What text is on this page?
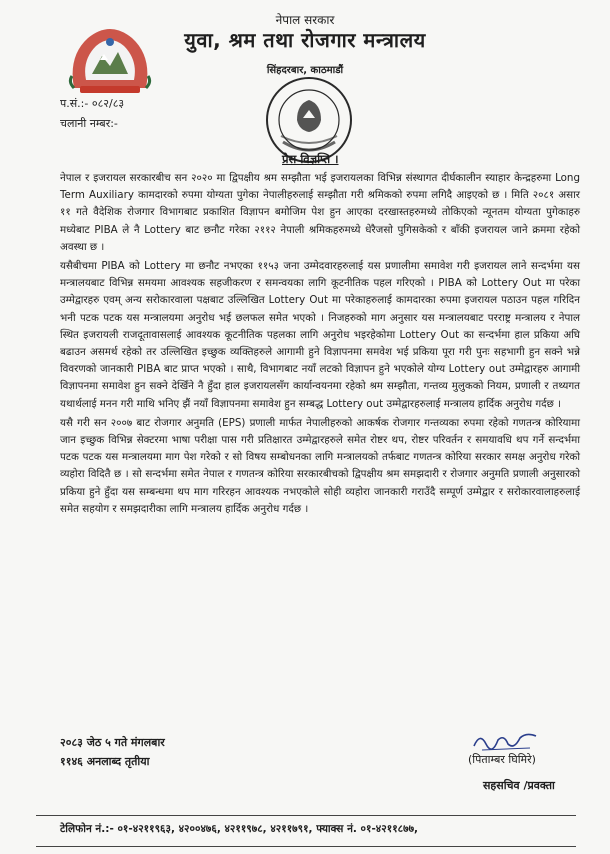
नेपाल सरकार
युवा, श्रम तथा रोजगार मन्त्रालय
सिंहदरबार, काठमाडौं
प.सं.:- ०८२/८३
चलानी नम्बर:-
प्रेस विज्ञप्ति ।

नेपाल र इजरायल सरकारबीच सन २०२० मा द्विपक्षीय श्रम सम्झौता भई इजरायलका विभिन्न संस्थागत दीर्घकालीन स्याहार केन्द्रहरुमा Long Term Auxiliary कामदारको रुपमा योग्यता पुगेका नेपालीहरुलाई सम्झौता गरी श्रमिकको रुपमा लगिदै आइएको छ । मिति २०८१ असार ११ गते वैदेशिक रोजगार विभागबाट प्रकाशित विज्ञापन बमोजिम पेश हुन आएका दरखास्तहरुमध्ये तोकिएको न्यूनतम योग्यता पुगेकाहरु मध्येबाट PIBA ले नै Lottery बाट छनौट गरेका २११२ नेपाली श्रमिकहरुमध्ये धेरैजसो पुगिसकेको र बाँकी इजरायल जाने क्रममा रहेको अवस्था छ ।

यसैबीचमा PIBA को Lottery मा छनौट नभएका ११५३ जना उम्मेदवारहरुलाई यस प्रणालीमा समावेश गरी इजरायल लाने सन्दर्भमा यस मन्त्रालयबाट विभिन्न समयमा आवश्यक सहजीकरण र समन्वयका लागि कूटनीतिक पहल गरिएको । PIBA को Lottery Out मा परेका उम्मेद्वारहरु एवम् अन्य सरोकारवाला पक्षबाट उल्लिखित Lottery Out मा परेकाहरुलाई कामदारका रुपमा इजरायल पठाउन पहल गरिदिन भनी पटक पटक यस मन्त्रालयमा अनुरोध भई छलफल समेत भएको । निजहरुको माग अनुसार यस मन्त्रालयबाट परराष्ट्र मन्त्रालय र नेपाल स्थित इजरायली राजदूतावासलाई आवश्यक कूटनीतिक पहलका लागि अनुरोध भइरहेकोमा Lottery Out का सन्दर्भमा हाल प्रकिया अघि बढाउन असमर्थ रहेको तर उल्लिखित इच्छुक व्यक्तिहरुले आगामी हुने विज्ञापनमा समवेश भई प्रकिया पूरा गरी पुनः सहभागी हुन सक्ने भन्ने विवरणको जानकारी PIBA बाट प्राप्त भएको । साथै, विभागबाट नयाँ लटको विज्ञापन हुने भएकोले योग्य Lottery out उम्मेद्वारहरु आगामी विज्ञापनमा समावेश हुन सक्ने देखिँने नै हुँदा हाल इजरायलसँग कार्यान्वयनमा रहेको श्रम सम्झौता, गन्तव्य मुलुकको नियम, प्रणाली र तथ्यगत यथार्थलाई मनन गरी माथि भनिए झैं नयाँ विज्ञापनमा समावेश हुन सम्बद्ध Lottery out उम्मेद्वारहरुलाई मन्त्रालय हार्दिक अनुरोध गर्दछ ।

यसै गरी सन २००७ बाट रोजगार अनुमति (EPS) प्रणाली मार्फत नेपालीहरुको आकर्षक रोजगार गन्तव्यका रुपमा रहेको गणतन्त्र कोरियामा जान इच्छुक विभिन्न सेक्टरमा भाषा परीक्षा पास गरी प्रतिक्षारत उम्मेद्वारहरुले समेत रोष्टर थप, रोष्टर परिवर्तन र समयावधि थप गर्ने सन्दर्भमा पटक पटक यस मन्त्रालयमा माग पेश गरेको र सो विषय सम्बोधनका लागि मन्त्रालयको तर्फबाट गणतन्त्र कोरिया सरकार समक्ष अनुरोध गरेको व्यहोरा विदितै छ । सो सन्दर्भमा समेत नेपाल र गणतन्त्र कोरिया सरकारबीचको द्विपक्षीय श्रम समझदारी र रोजगार अनुमति प्रणाली अनुसारको प्रकिया हुने हुँदा यस सम्बन्धमा थप माग गरिरहन आवश्यक नभएकोले सोही व्यहोरा जानकारी गराउँदै सम्पूर्ण उम्मेद्वार र सरोकारवालाहरुलाई समेत सहयोग र समझदारीका लागि मन्त्रालय हार्दिक अनुरोध गर्दछ ।

२०८३ जेठ ५ गते मंगलबार
११४६ अनलाब्द तृतीया	(पिताम्बर घिमिरे)
सहसचिव /प्रवक्ता
टेलिफोन नं.:- ०१-४२११९६३, ४२००४७६, ४२११९७८, ४२११७९१, फ्याक्स नं. ०१-४२११८७७,
